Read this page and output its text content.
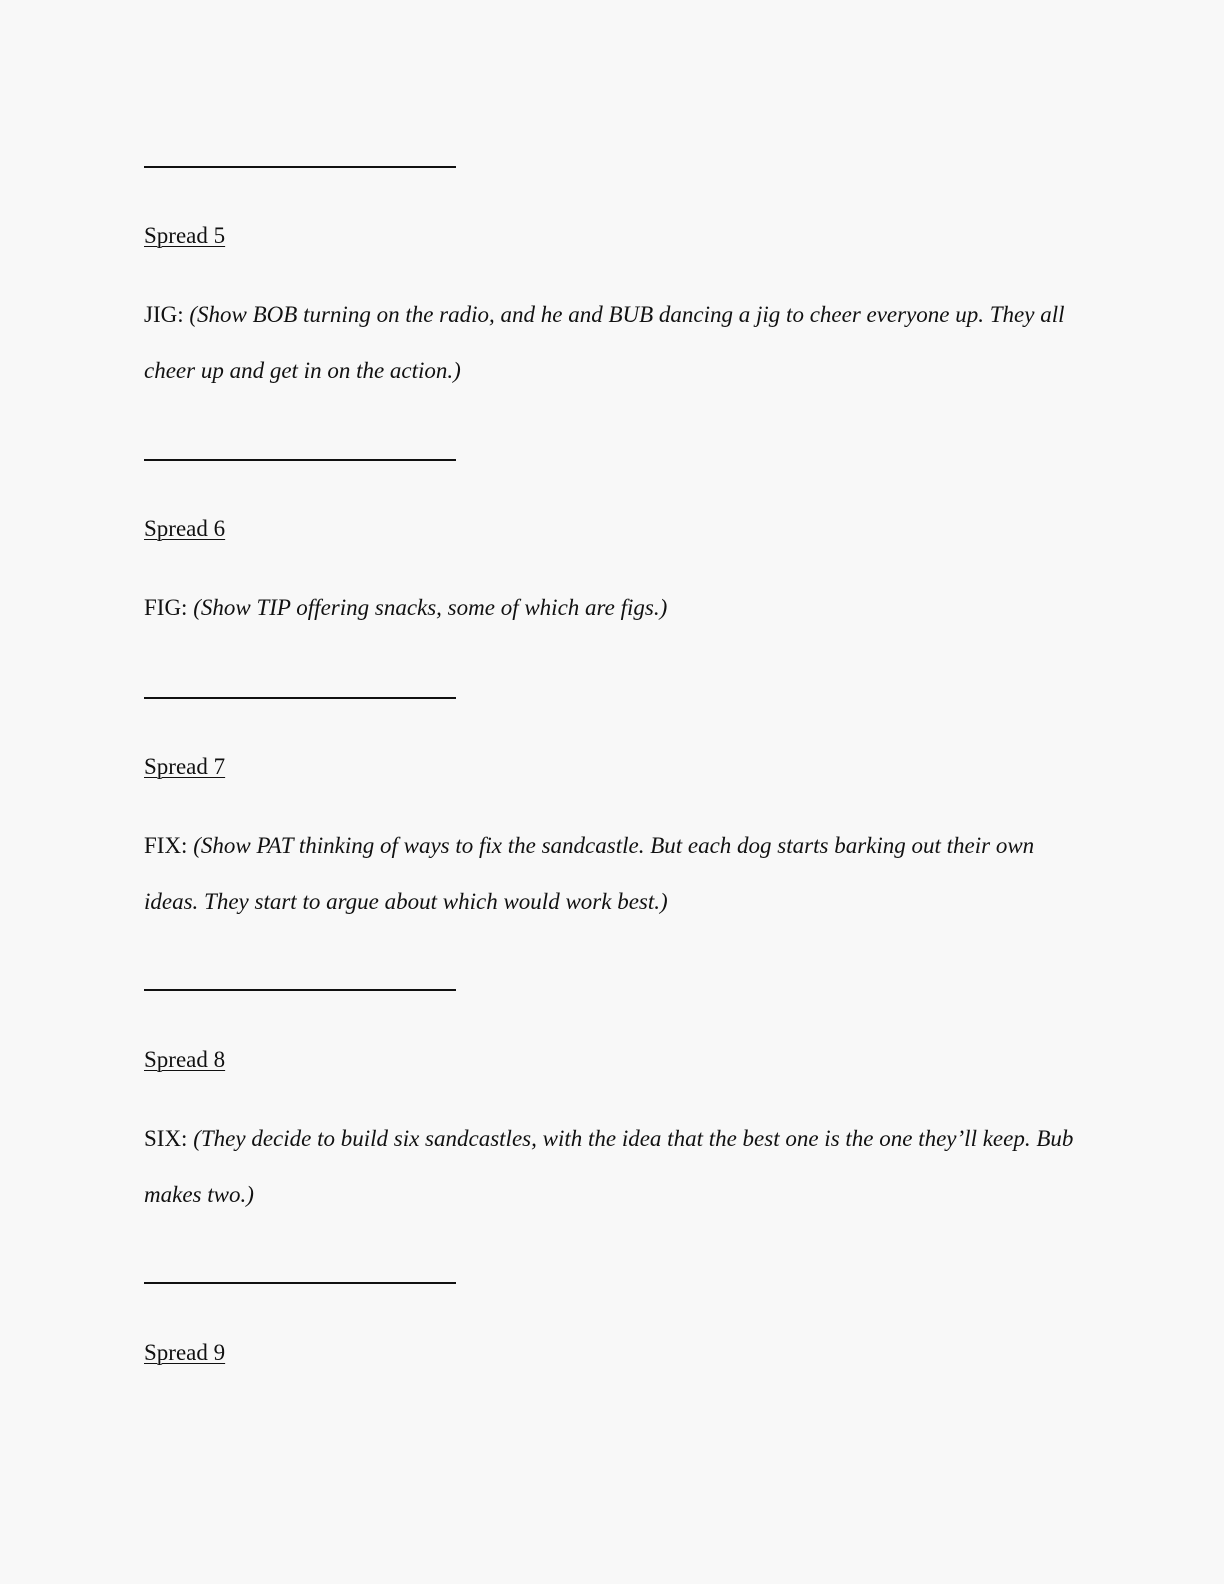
Spread 5
JIG: (Show BOB turning on the radio, and he and BUB dancing a jig to cheer everyone up. They all cheer up and get in on the action.)
Spread 6
FIG: (Show TIP offering snacks, some of which are figs.)
Spread 7
FIX: (Show PAT thinking of ways to fix the sandcastle. But each dog starts barking out their own ideas. They start to argue about which would work best.)
Spread 8
SIX: (They decide to build six sandcastles, with the idea that the best one is the one they’ll keep. Bub makes two.)
Spread 9
